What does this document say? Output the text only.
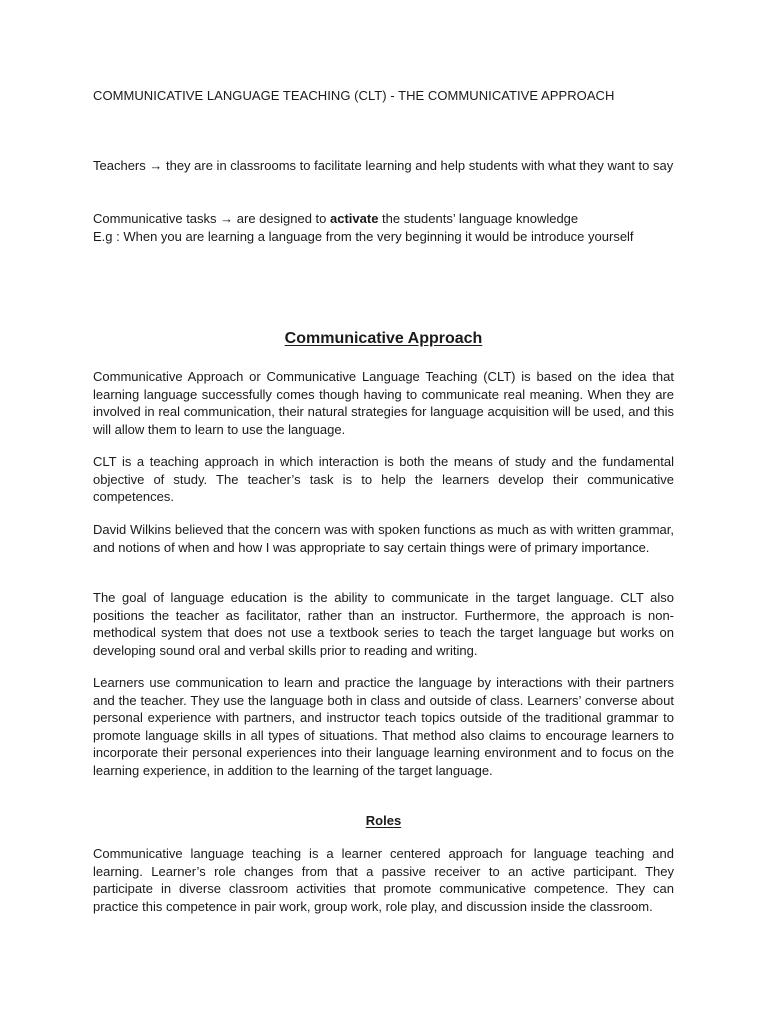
COMMUNICATIVE LANGUAGE TEACHING (CLT) - THE COMMUNICATIVE APPROACH
Teachers → they are in classrooms to facilitate learning and help students with what they want to say
Communicative tasks → are designed to activate the students’ language knowledge
E.g : When you are learning a language from the very beginning it would be introduce yourself
Communicative Approach

Communicative Approach or Communicative Language Teaching (CLT) is based on the idea that learning language successfully comes though having to communicate real meaning. When they are involved in real communication, their natural strategies for language acquisition will be used, and this will allow them to learn to use the language.

CLT is a teaching approach in which interaction is both the means of study and the fundamental objective of study. The teacher’s task is to help the learners develop their communicative competences.

David Wilkins believed that the concern was with spoken functions as much as with written grammar, and notions of when and how I was appropriate to say certain things were of primary importance.

The goal of language education is the ability to communicate in the target language. CLT also positions the teacher as facilitator, rather than an instructor. Furthermore, the approach is non-methodical system that does not use a textbook series to teach the target language but works on developing sound oral and verbal skills prior to reading and writing.

Learners use communication to learn and practice the language by interactions with their partners and the teacher. They use the language both in class and outside of class. Learners’ converse about personal experience with partners, and instructor teach topics outside of the traditional grammar to promote language skills in all types of situations. That method also claims to encourage learners to incorporate their personal experiences into their language learning environment and to focus on the learning experience, in addition to the learning of the target language.

Roles

Communicative language teaching is a learner centered approach for language teaching and learning. Learner’s role changes from that a passive receiver to an active participant. They participate in diverse classroom activities that promote communicative competence. They can practice this competence in pair work, group work, role play, and discussion inside the classroom.
